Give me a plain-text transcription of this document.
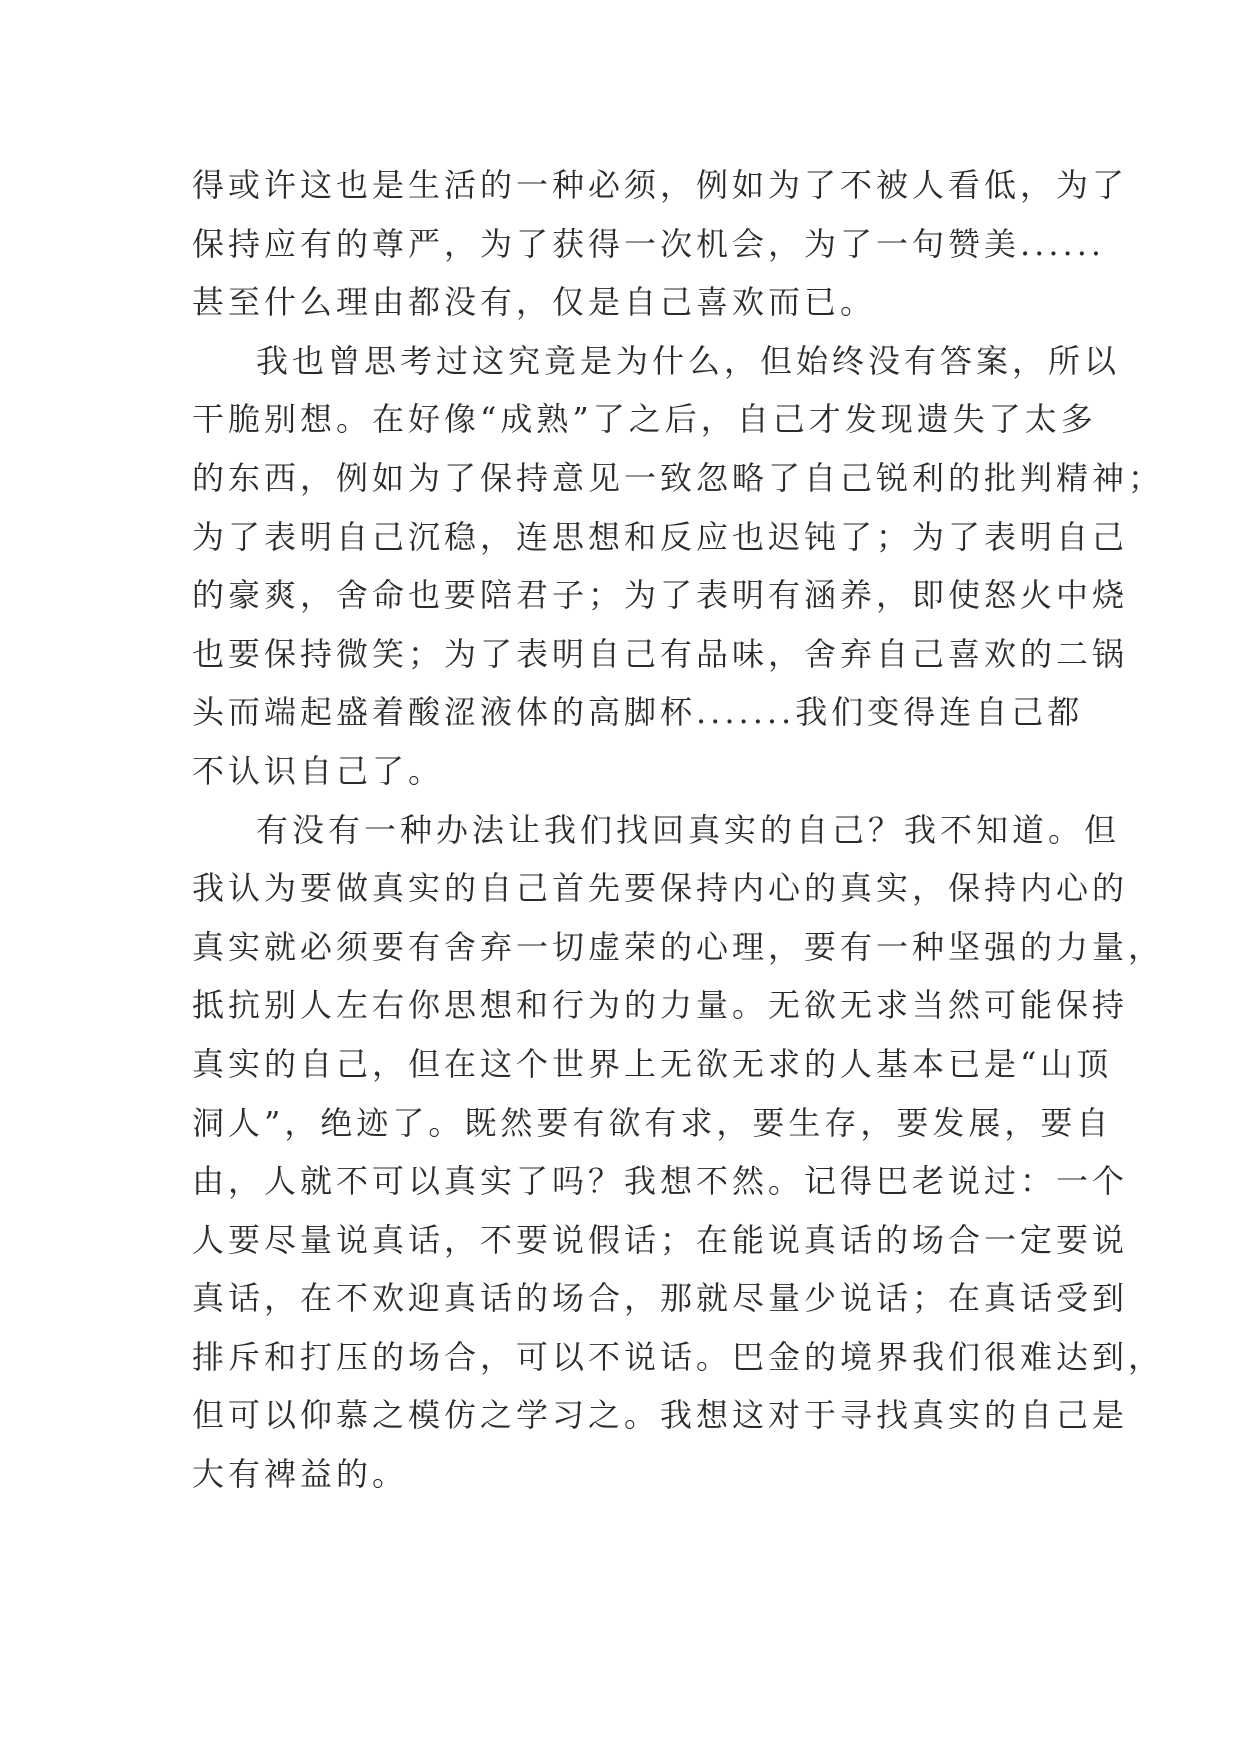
得或许这也是生活的一种必须，例如为了不被人看低，为了
保持应有的尊严，为了获得一次机会，为了一句赞美......
甚至什么理由都没有，仅是自己喜欢而已。

我也曾思考过这究竟是为什么，但始终没有答案，所以
干脆别想。在好像“成熟”了之后，自己才发现遗失了太多
的东西，例如为了保持意见一致忽略了自己锐利的批判精神；
为了表明自己沉稳，连思想和反应也迟钝了；为了表明自己
的豪爽，舍命也要陪君子；为了表明有涵养，即使怒火中烧
也要保持微笑；为了表明自己有品味，舍弃自己喜欢的二锅
头而端起盛着酸涩液体的高脚杯.......我们变得连自己都
不认识自己了。

有没有一种办法让我们找回真实的自己？我不知道。但
我认为要做真实的自己首先要保持内心的真实，保持内心的
真实就必须要有舍弃一切虚荣的心理，要有一种坚强的力量，
抵抗别人左右你思想和行为的力量。无欲无求当然可能保持
真实的自己，但在这个世界上无欲无求的人基本已是“山顶
洞人”，绝迹了。既然要有欲有求，要生存，要发展，要自
由，人就不可以真实了吗？我想不然。记得巴老说过：一个
人要尽量说真话，不要说假话；在能说真话的场合一定要说
真话，在不欢迎真话的场合，那就尽量少说话；在真话受到
排斥和打压的场合，可以不说话。巴金的境界我们很难达到，
但可以仰慕之模仿之学习之。我想这对于寻找真实的自己是
大有裨益的。
